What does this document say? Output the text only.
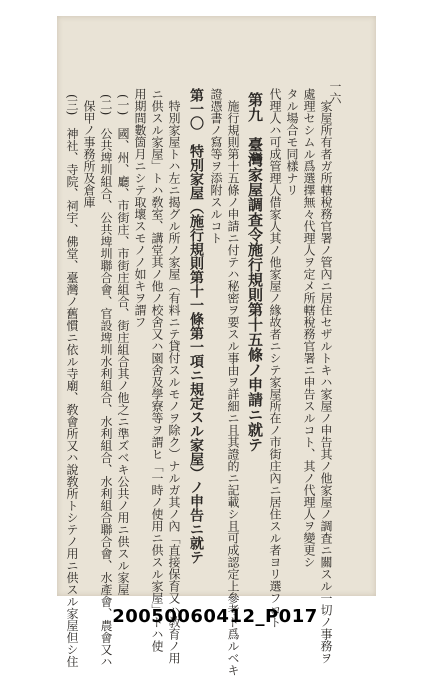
一六
家屋所有者ガ所轄稅務官署ノ管內ニ居住セザルトキハ家屋ノ申告其ノ他家屋ノ調査ニ關スル一切ノ事務ヲ
處理セシムル爲選擇無々代理人ヲ定メ所轄稅務官署ニ申告スルコト、其ノ代理人ヲ變更シ
タル場合モ同樣ナリ
代理人ハ可成管理人借家人其ノ他家屋ノ緣故者ニシテ家屋所在ノ市街庄內ニ居住スル者ヨリ選フコト
第九　臺灣家屋調查令施行規則第十五條ノ申請ニ就テ
施行規則第十五條ノ申請ニ付テハ秘密ヲ要スル事由ヲ詳細ニ且其證的ニ記載シ且可成認定上參考ト爲ルベキ
證憑書ノ寫等ヲ添附スルコト
第一〇　特別家屋（施行規則第十一條第一項ニ規定スル家屋）ノ申告ニ就テ
特別家屋トハ左ニ揭グル所ノ家屋（有料ニテ貸付スルモノヲ除ク）ナルガ其ノ內「直接保育又ハ敎育ノ用
ニ供スル家屋」トハ敎室、講堂其ノ他ノ校舍又ハ園舍及學寮等ヲ謂ヒ「一時ノ使用ニ供スル家屋」トハ使
用期間數箇月ニシテ取壞スモノノ如キヲ謂フ
(一)　國、州、廳、市街庄、市街庄組合、街庄組合其ノ他之ニ準ズベキ公共ノ用ニ供スル家屋
(二)　公共埤圳組合、公共埤圳聯合會、官設埤圳水利組合、水利組合、水利組合聯合會、水產會、農會又ハ
保甲ノ事務所及倉庫
(三)　神社、寺院、祠宇、佛堂、臺灣ノ舊慣ニ依ル寺廟、敎會所又ハ說敎所トシテノ用ニ供スル家屋但シ住	20050060412_P017
